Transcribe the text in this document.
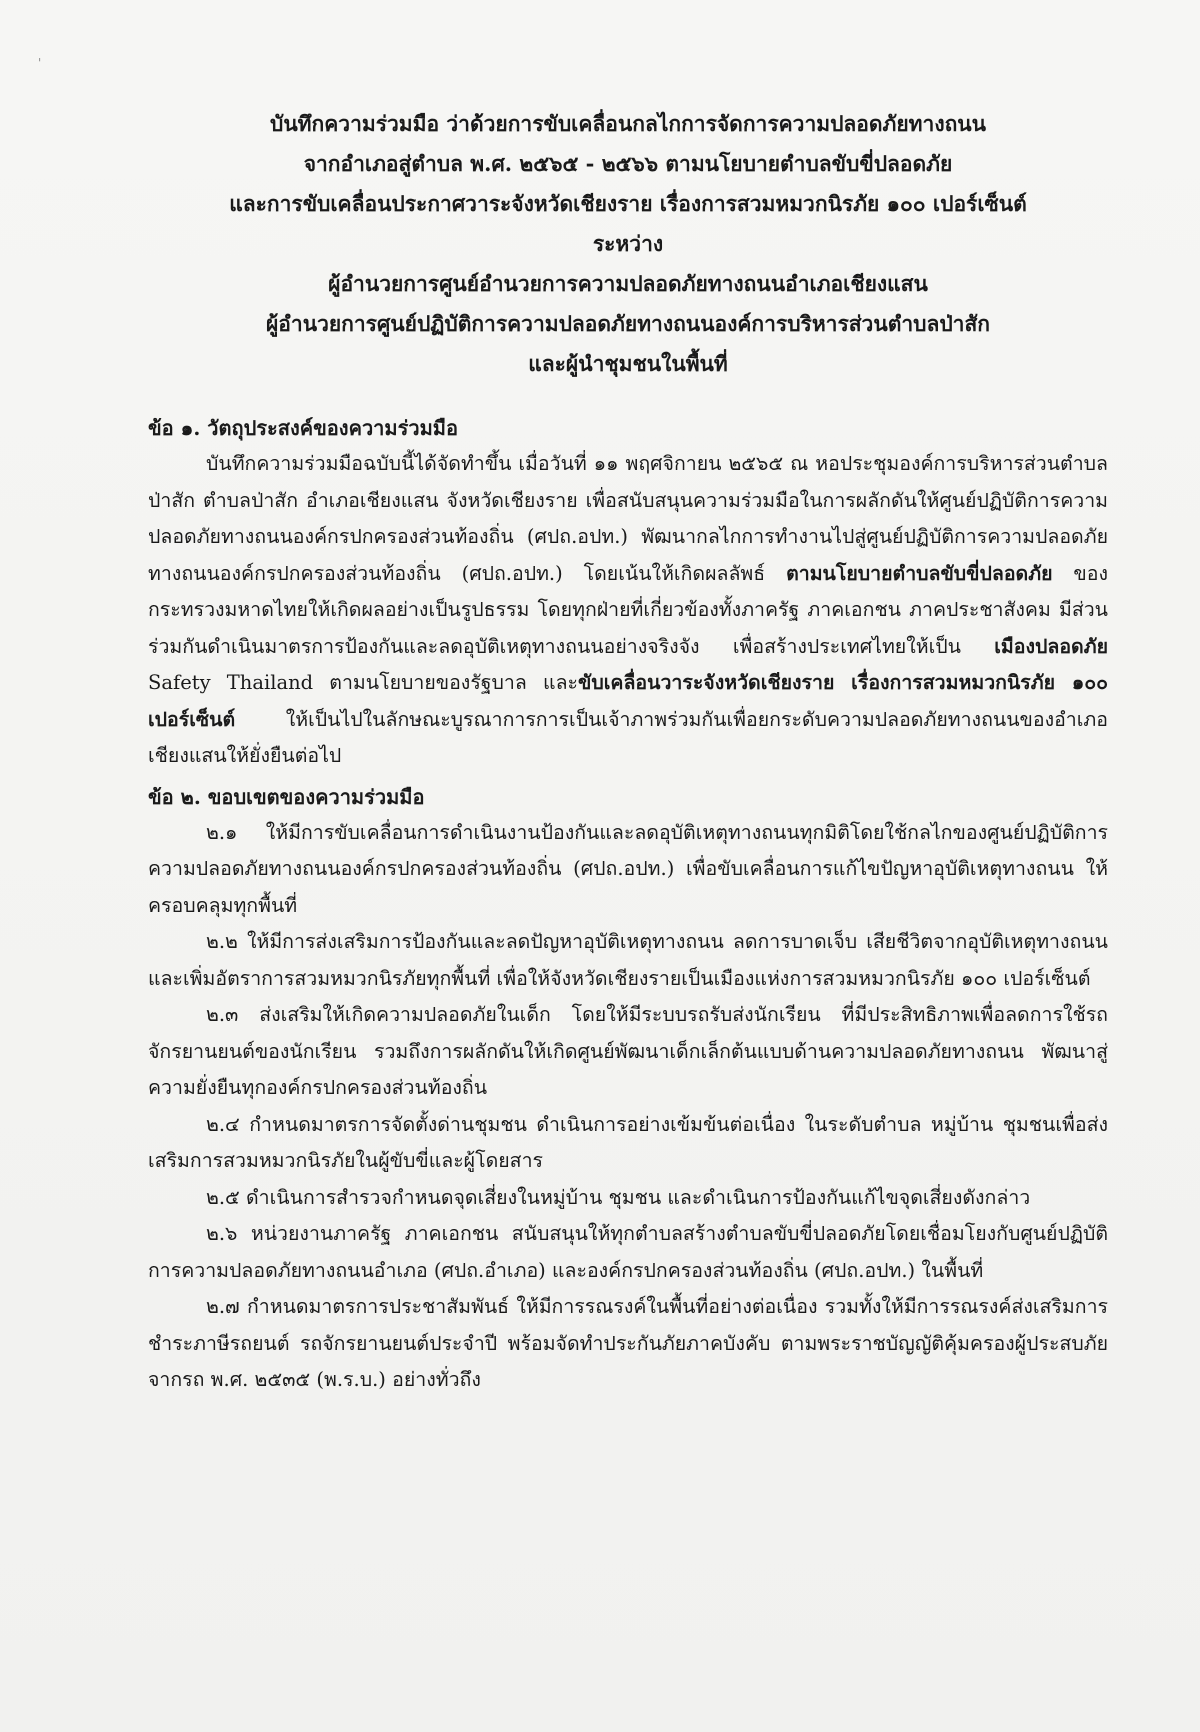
'
บันทึกความร่วมมือ ว่าด้วยการขับเคลื่อนกลไกการจัดการความปลอดภัยทางถนน
จากอำเภอสู่ตำบล พ.ศ. ๒๕๖๕ - ๒๕๖๖ ตามนโยบายตำบลขับขี่ปลอดภัย
และการขับเคลื่อนประกาศวาระจังหวัดเชียงราย เรื่องการสวมหมวกนิรภัย ๑๐๐ เปอร์เซ็นต์
ระหว่าง
ผู้อำนวยการศูนย์อำนวยการความปลอดภัยทางถนนอำเภอเชียงแสน
ผู้อำนวยการศูนย์ปฏิบัติการความปลอดภัยทางถนนองค์การบริหารส่วนตำบลป่าสัก
และผู้นำชุมชนในพื้นที่
ข้อ ๑. วัตถุประสงค์ของความร่วมมือ

บันทึกความร่วมมือฉบับนี้ได้จัดทำขึ้น เมื่อวันที่ ๑๑ พฤศจิกายน ๒๕๖๕ ณ หอประชุมองค์การบริหารส่วนตำบลป่าสัก ตำบลป่าสัก อำเภอเชียงแสน จังหวัดเชียงราย เพื่อสนับสนุนความร่วมมือในการผลักดันให้ศูนย์ปฏิบัติการความปลอดภัยทางถนนองค์กรปกครองส่วนท้องถิ่น (ศปถ.อปท.) พัฒนากลไกการทำงานไปสู่ศูนย์ปฏิบัติการความปลอดภัยทางถนนองค์กรปกครองส่วนท้องถิ่น (ศปถ.อปท.) โดยเน้นให้เกิดผลลัพธ์ ตามนโยบายตำบลขับขี่ปลอดภัย ของกระทรวงมหาดไทยให้เกิดผลอย่างเป็นรูปธรรม โดยทุกฝ่ายที่เกี่ยวข้องทั้งภาครัฐ ภาคเอกชน ภาคประชาสังคม มีส่วนร่วมกันดำเนินมาตรการป้องกันและลดอุบัติเหตุทางถนนอย่างจริงจัง เพื่อสร้างประเทศไทยให้เป็น เมืองปลอดภัย Safety Thailand ตามนโยบายของรัฐบาล และขับเคลื่อนวาระจังหวัดเชียงราย เรื่องการสวมหมวกนิรภัย ๑๐๐ เปอร์เซ็นต์ ให้เป็นไปในลักษณะบูรณาการการเป็นเจ้าภาพร่วมกันเพื่อยกระดับความปลอดภัยทางถนนของอำเภอเชียงแสนให้ยั่งยืนต่อไป

ข้อ ๒. ขอบเขตของความร่วมมือ

๒.๑ ให้มีการขับเคลื่อนการดำเนินงานป้องกันและลดอุบัติเหตุทางถนนทุกมิติโดยใช้กลไกของศูนย์ปฏิบัติการความปลอดภัยทางถนนองค์กรปกครองส่วนท้องถิ่น (ศปถ.อปท.) เพื่อขับเคลื่อนการแก้ไขปัญหาอุบัติเหตุทางถนน ให้ครอบคลุมทุกพื้นที่

๒.๒ ให้มีการส่งเสริมการป้องกันและลดปัญหาอุบัติเหตุทางถนน ลดการบาดเจ็บ เสียชีวิตจากอุบัติเหตุทางถนน และเพิ่มอัตราการสวมหมวกนิรภัยทุกพื้นที่ เพื่อให้จังหวัดเชียงรายเป็นเมืองแห่งการสวมหมวกนิรภัย ๑๐๐ เปอร์เซ็นต์

๒.๓ ส่งเสริมให้เกิดความปลอดภัยในเด็ก โดยให้มีระบบรถรับส่งนักเรียน ที่มีประสิทธิภาพเพื่อลดการใช้รถจักรยานยนต์ของนักเรียน รวมถึงการผลักดันให้เกิดศูนย์พัฒนาเด็กเล็กต้นแบบด้านความปลอดภัยทางถนน พัฒนาสู่ความยั่งยืนทุกองค์กรปกครองส่วนท้องถิ่น

๒.๔ กำหนดมาตรการจัดตั้งด่านชุมชน ดำเนินการอย่างเข้มข้นต่อเนื่อง ในระดับตำบล หมู่บ้าน ชุมชนเพื่อส่งเสริมการสวมหมวกนิรภัยในผู้ขับขี่และผู้โดยสาร

๒.๕ ดำเนินการสำรวจกำหนดจุดเสี่ยงในหมู่บ้าน ชุมชน และดำเนินการป้องกันแก้ไขจุดเสี่ยงดังกล่าว

๒.๖ หน่วยงานภาครัฐ ภาคเอกชน สนับสนุนให้ทุกตำบลสร้างตำบลขับขี่ปลอดภัยโดยเชื่อมโยงกับศูนย์ปฏิบัติการความปลอดภัยทางถนนอำเภอ (ศปถ.อำเภอ) และองค์กรปกครองส่วนท้องถิ่น (ศปถ.อปท.) ในพื้นที่

๒.๗ กำหนดมาตรการประชาสัมพันธ์ ให้มีการรณรงค์ในพื้นที่อย่างต่อเนื่อง รวมทั้งให้มีการรณรงค์ส่งเสริมการชำระภาษีรถยนต์ รถจักรยานยนต์ประจำปี พร้อมจัดทำประกันภัยภาคบังคับ ตามพระราชบัญญัติคุ้มครองผู้ประสบภัยจากรถ พ.ศ. ๒๕๓๕ (พ.ร.บ.) อย่างทั่วถึง
